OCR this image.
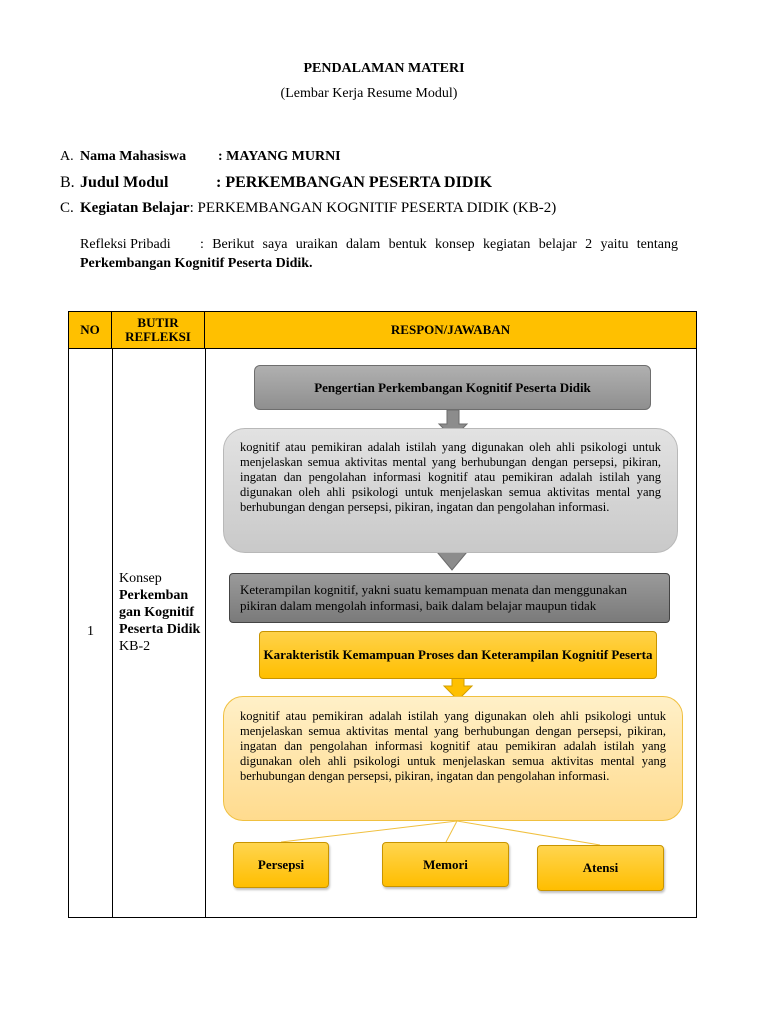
PENDALAMAN MATERI
(Lembar Kerja Resume Modul)
A. Nama Mahasiswa : MAYANG MURNI
B. Judul Modul	: PERKEMBANGAN PESERTA DIDIK
C. Kegiatan Belajar: PERKEMBANGAN KOGNITIF PESERTA DIDIK (KB-2)
Refleksi Pribadi : Berikut saya uraikan dalam bentuk konsep kegiatan belajar 2 yaitu tentang Perkembangan Kognitif Peserta Didik.
NO	BUTIR REFLEKSI	RESPON/JAWABAN
1
Konsep
Perkemban gan Kognitif Peserta Didik
KB-2
Pengertian Perkembangan Kognitif Peserta Didik
kognitif atau pemikiran adalah istilah yang digunakan oleh ahli psikologi untuk menjelaskan semua aktivitas mental yang berhubungan dengan persepsi, pikiran, ingatan dan pengolahan informasi kognitif atau pemikiran adalah istilah yang digunakan oleh ahli psikologi untuk menjelaskan semua aktivitas mental yang berhubungan dengan persepsi, pikiran, ingatan dan pengolahan informasi.
Keterampilan kognitif, yakni suatu kemampuan menata dan menggunakan pikiran dalam mengolah informasi, baik dalam belajar maupun tidak
Karakteristik Kemampuan Proses dan Keterampilan Kognitif Peserta
kognitif atau pemikiran adalah istilah yang digunakan oleh ahli psikologi untuk menjelaskan semua aktivitas mental yang berhubungan dengan persepsi, pikiran, ingatan dan pengolahan informasi kognitif atau pemikiran adalah istilah yang digunakan oleh ahli psikologi untuk menjelaskan semua aktivitas mental yang berhubungan dengan persepsi, pikiran, ingatan dan pengolahan informasi.
Persepsi	Memori	Atensi
